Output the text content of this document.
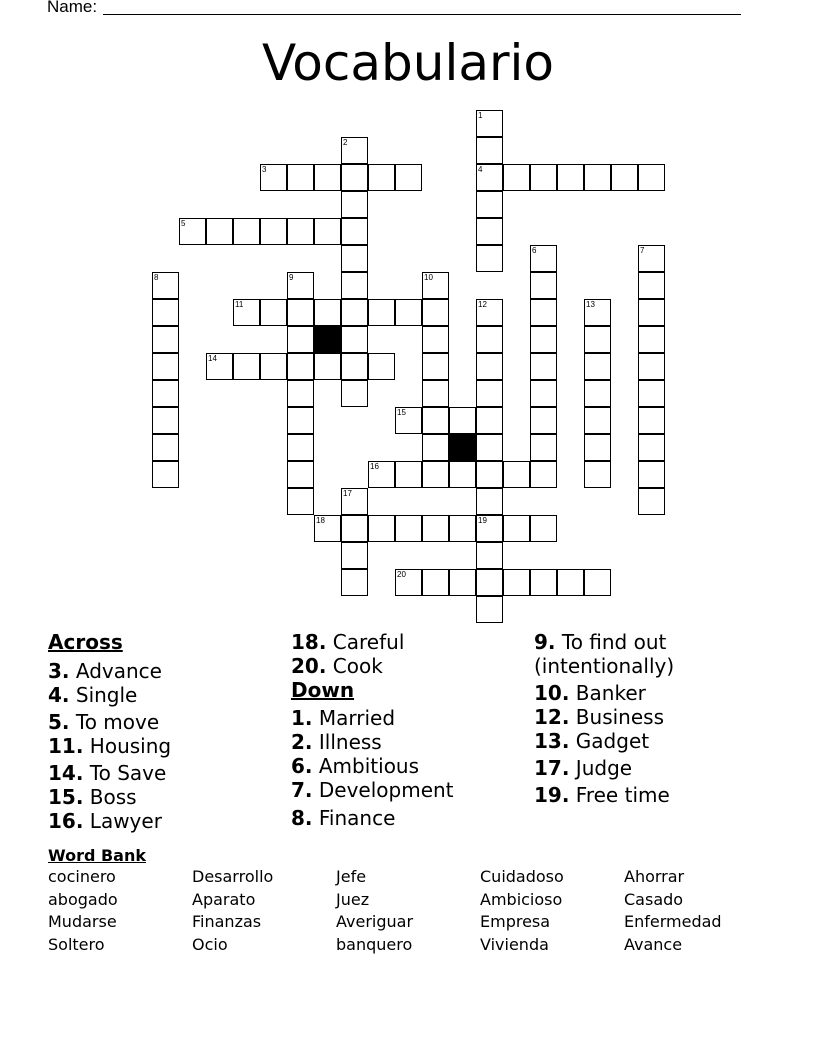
Name:
Vocabulario
1
4
2
3
5
6	7
8	9	10
11	12	13
14
15
16
17
18	19
20
Across
3. Advance
4. Single
5. To move
11. Housing
14. To Save
15. Boss
16. Lawyer
18. Careful
20. Cook
Down
1. Married
2. Illness
6. Ambitious
7. Development
8. Finance
9. To find out
(intentionally)
10. Banker
12. Business
13. Gadget
17. Judge
19. Free time
Word Bank
cocinero	Desarrollo	Jefe	Cuidadoso	Ahorrar
abogado	Aparato	Juez	Ambicioso	Casado
Mudarse	Finanzas	Averiguar	Empresa	Enfermedad
Soltero	Ocio	banquero	Vivienda	Avance
